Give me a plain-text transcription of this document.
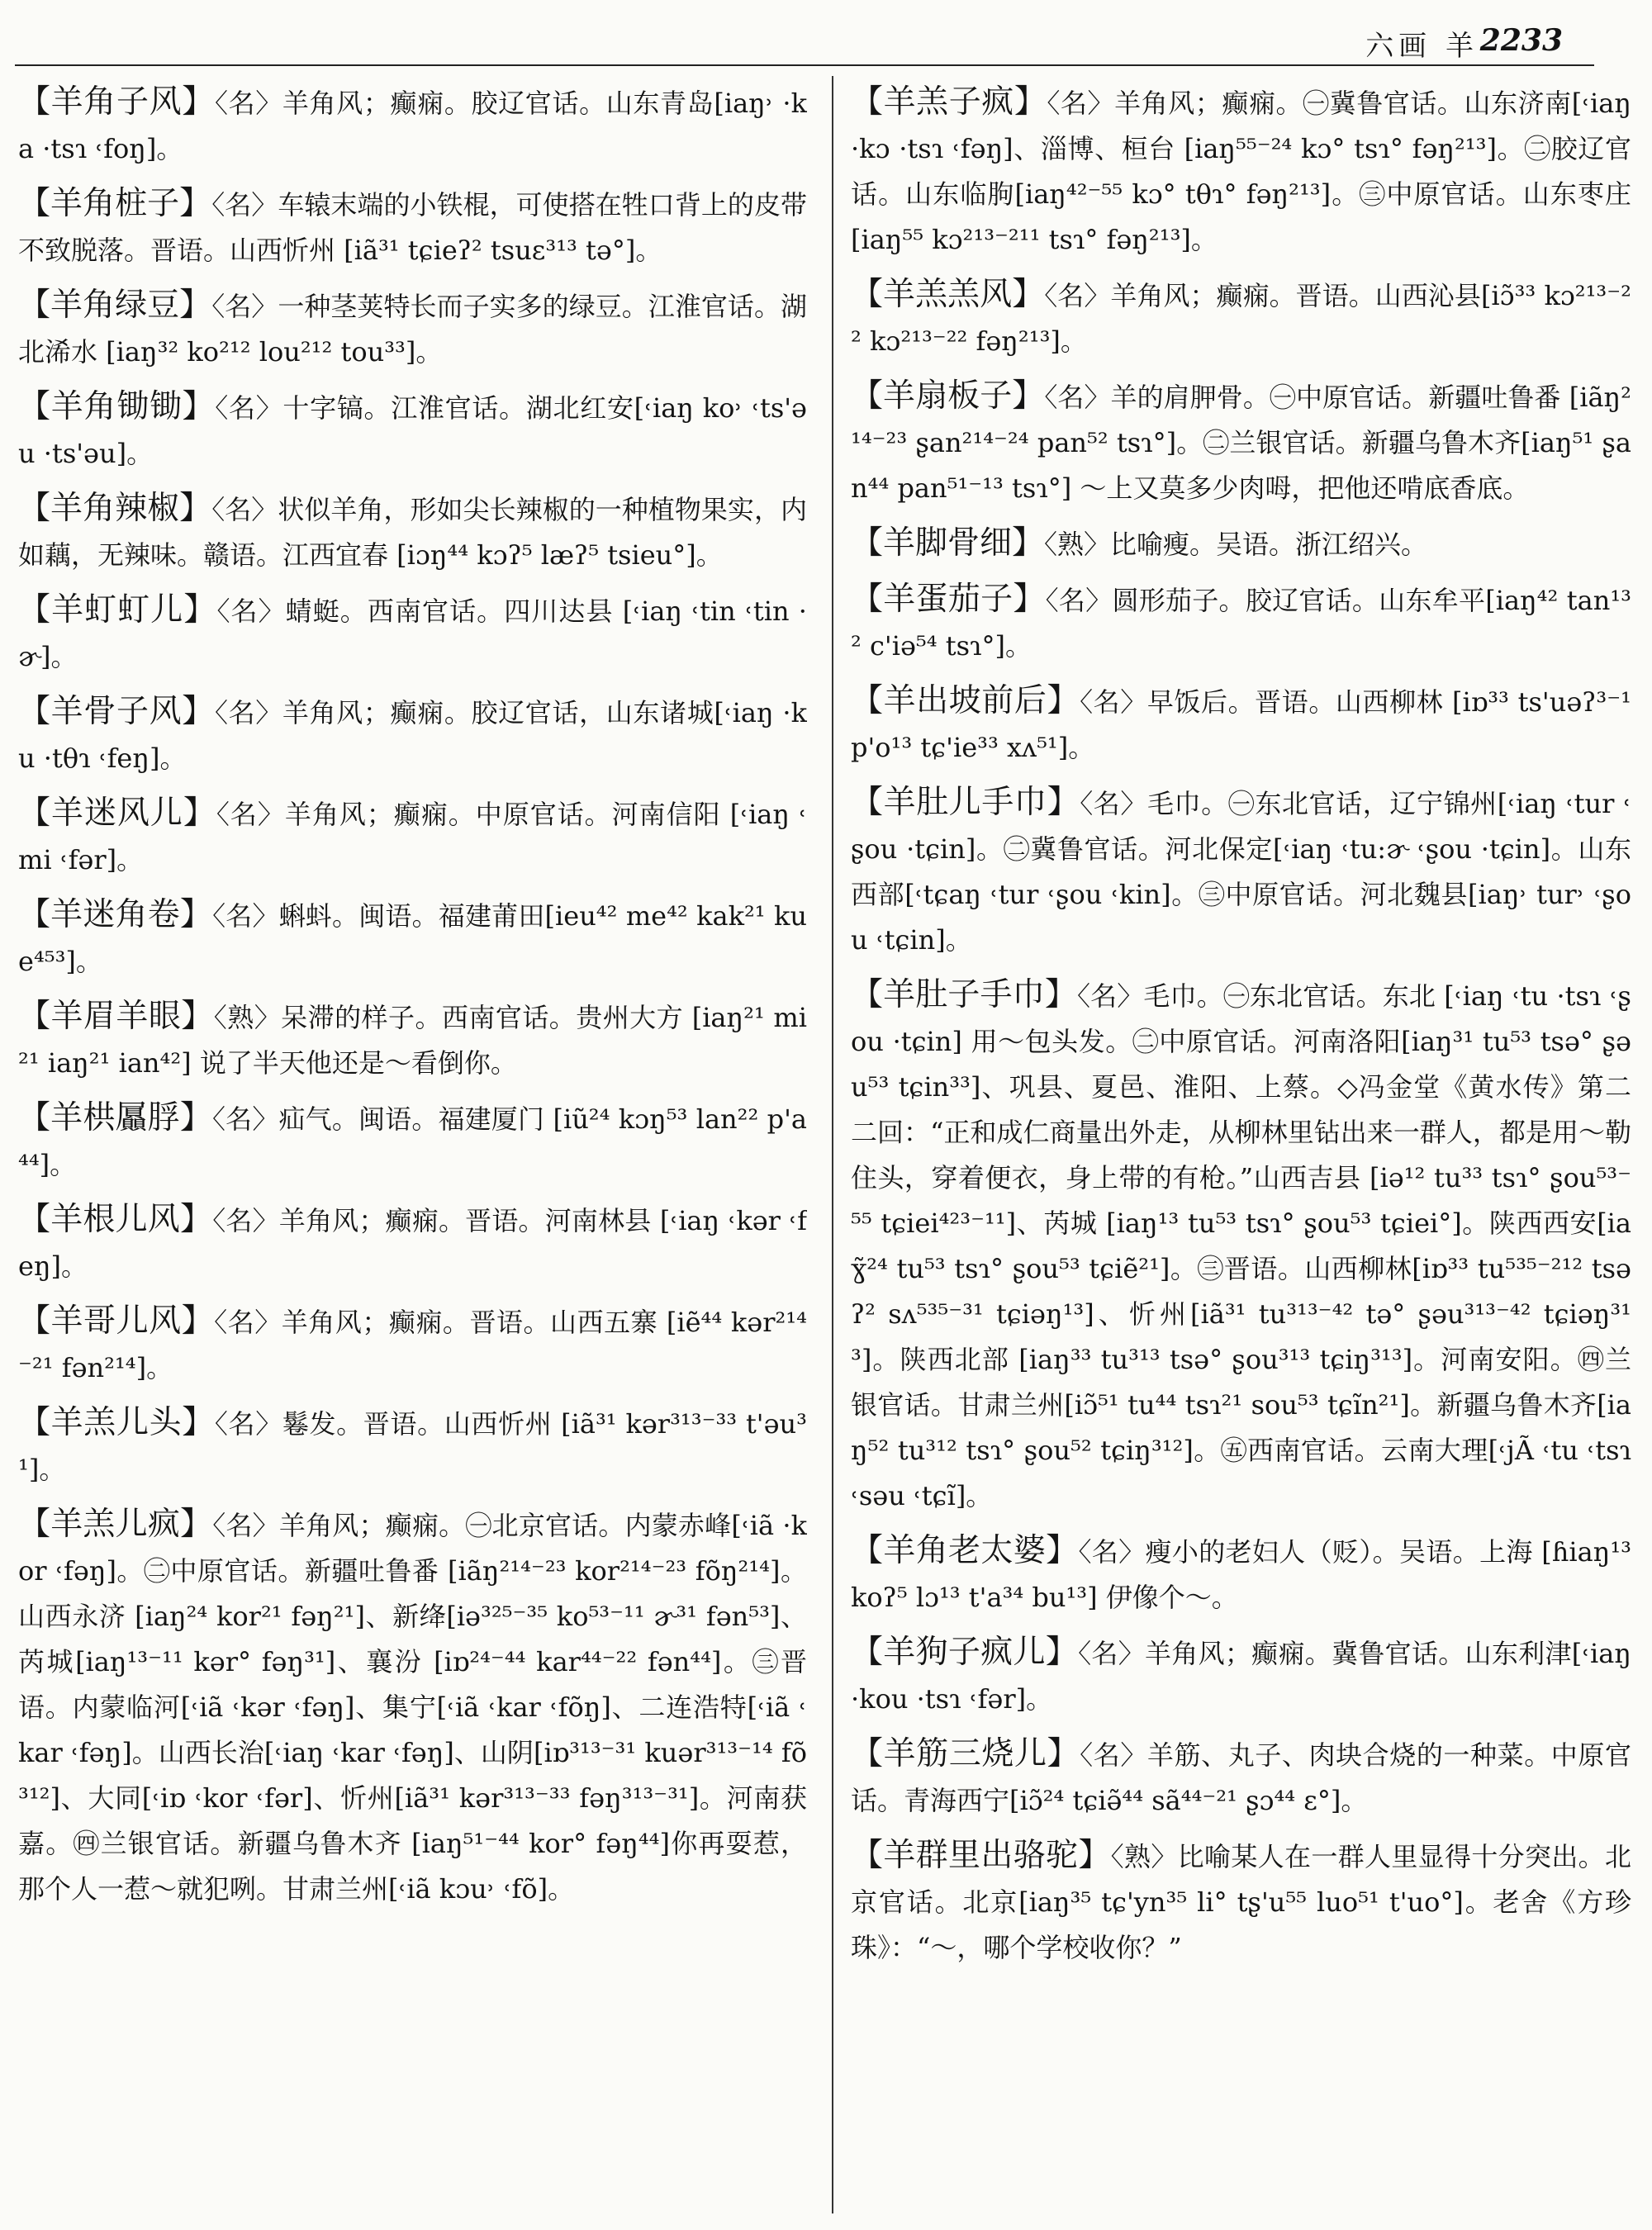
六画 羊 2233
【羊角子风】〈名〉羊角风；癫痫。胶辽官话。山东青岛[iaŋ˒ ·ka ·tsɿ ˓foŋ]。
【羊角桩子】〈名〉车辕末端的小铁棍，可使搭在牲口背上的皮带不致脱落。晋语。山西忻州 [iã³¹ tɕieʔ² tsuɛ³¹³ tə°]。
【羊角绿豆】〈名〉一种茎荚特长而子实多的绿豆。江淮官话。湖北浠水 [iaŋ³² ko²¹² lou²¹² tou³³]。
【羊角锄锄】〈名〉十字镐。江淮官话。湖北红安[˓iaŋ ko˒ ˓ts'əu ·ts'əu]。
【羊角辣椒】〈名〉状似羊角，形如尖长辣椒的一种植物果实，内如藕，无辣味。赣语。江西宜春 [iɔŋ⁴⁴ kɔʔ⁵ læʔ⁵ tsieu°]。
【羊虰虰儿】〈名〉蜻蜓。西南官话。四川达县 [˓iaŋ ˓tin ˓tin ·ɚ]。
【羊骨子风】〈名〉羊角风；癫痫。胶辽官话，山东诸城[˓iaŋ ·ku ·tθɿ ˓feŋ]。
【羊迷风儿】〈名〉羊角风；癫痫。中原官话。河南信阳 [˓iaŋ ˓mi ˓fər]。
【羊迷角卷】〈名〉蝌蚪。闽语。福建莆田[ieu⁴² me⁴² kak²¹ kue⁴⁵³]。
【羊眉羊眼】〈熟〉呆滞的样子。西南官话。贵州大方 [iaŋ²¹ mi²¹ iaŋ²¹ ian⁴²] 说了半天他还是～看倒你。
【羊栱屭脬】〈名〉疝气。闽语。福建厦门 [iũ²⁴ kɔŋ⁵³ lan²² p'a⁴⁴]。
【羊根儿风】〈名〉羊角风；癫痫。晋语。河南林县 [˓iaŋ ˓kər ˓feŋ]。
【羊哥儿风】〈名〉羊角风；癫痫。晋语。山西五寨 [iẽ⁴⁴ kər²¹⁴⁻²¹ fən²¹⁴]。
【羊羔儿头】〈名〉鬈发。晋语。山西忻州 [iã³¹ kər³¹³⁻³³ t'əu³¹]。
【羊羔儿疯】〈名〉羊角风；癫痫。㊀北京官话。内蒙赤峰[˓iã ·kor ˓fəŋ]。㊁中原官话。新疆吐鲁番 [iãŋ²¹⁴⁻²³ kor²¹⁴⁻²³ fõŋ²¹⁴]。山西永济 [iaŋ²⁴ kor²¹ fəŋ²¹]、新绛[iə³²⁵⁻³⁵ ko⁵³⁻¹¹ ɚ³¹ fən⁵³]、芮城[iaŋ¹³⁻¹¹ kər° fəŋ³¹]、襄汾 [iɒ²⁴⁻⁴⁴ kar⁴⁴⁻²² fən⁴⁴]。㊂晋语。内蒙临河[˓iã ˓kər ˓fəŋ]、集宁[˓iã ˓kar ˓fõŋ]、二连浩特[˓iã ˓kar ˓fəŋ]。山西长治[˓iaŋ ˓kar ˓fəŋ]、山阴[iɒ³¹³⁻³¹ kuər³¹³⁻¹⁴ fõ³¹²]、大同[˓iɒ ˓kor ˓fər]、忻州[iã³¹ kər³¹³⁻³³ fəŋ³¹³⁻³¹]。河南获嘉。㊃兰银官话。新疆乌鲁木齐 [iaŋ⁵¹⁻⁴⁴ kor° fəŋ⁴⁴]你再耍惹，那个人一惹～就犯咧。甘肃兰州[˓iã kɔu˒ ˓fõ]。
【羊羔子疯】〈名〉羊角风；癫痫。㊀冀鲁官话。山东济南[˓iaŋ ·kɔ ·tsɿ ˓fəŋ]、淄博、桓台 [iaŋ⁵⁵⁻²⁴ kɔ° tsɿ° fəŋ²¹³]。㊁胶辽官话。山东临朐[iaŋ⁴²⁻⁵⁵ kɔ° tθɿ° fəŋ²¹³]。㊂中原官话。山东枣庄[iaŋ⁵⁵ kɔ²¹³⁻²¹¹ tsɿ° fəŋ²¹³]。
【羊羔羔风】〈名〉羊角风；癫痫。晋语。山西沁县[iɔ̃³³ kɔ²¹³⁻²² kɔ²¹³⁻²² fəŋ²¹³]。
【羊扇板子】〈名〉羊的肩胛骨。㊀中原官话。新疆吐鲁番 [iãŋ²¹⁴⁻²³ ʂan²¹⁴⁻²⁴ pan⁵² tsɿ°]。㊁兰银官话。新疆乌鲁木齐[iaŋ⁵¹ ʂan⁴⁴ pan⁵¹⁻¹³ tsɿ°] ～上又莫多少肉呣，把他还啃底香底。
【羊脚骨细】〈熟〉比喻瘦。吴语。浙江绍兴。
【羊蛋茄子】〈名〉圆形茄子。胶辽官话。山东牟平[iaŋ⁴² tan¹³² c'iə⁵⁴ tsɿ°]。
【羊出坡前后】〈名〉早饭后。晋语。山西柳林 [iɒ³³ ts'uəʔ³⁻¹ p'o¹³ tɕ'ie³³ xʌ⁵¹]。
【羊肚儿手巾】〈名〉毛巾。㊀东北官话，辽宁锦州[˓iaŋ ˓tur ˓ʂou ·tɕin]。㊁冀鲁官话。河北保定[˓iaŋ ˓tu:ɚ ˓ʂou ·tɕin]。山东西部[˓tɕaŋ ˓tur ˓ʂou ˓kin]。㊂中原官话。河北魏县[iaŋ˒ tur˒ ˓ʂou ˓tɕin]。
【羊肚子手巾】〈名〉毛巾。㊀东北官话。东北 [˓iaŋ ˓tu ·tsɿ ˓ʂou ·tɕin] 用～包头发。㊁中原官话。河南洛阳[iaŋ³¹ tu⁵³ tsə° ʂəu⁵³ tɕin³³]、巩县、夏邑、淮阳、上蔡。◇冯金堂《黄水传》第二二回：“正和成仁商量出外走，从柳林里钻出来一群人，都是用～勒住头，穿着便衣，身上带的有枪。”山西吉县 [iə¹² tu³³ tsɿ° ʂou⁵³⁻⁵⁵ tɕiei⁴²³⁻¹¹]、芮城 [iaŋ¹³ tu⁵³ tsɿ° ʂou⁵³ tɕiei°]。陕西西安[iaɣ̃²⁴ tu⁵³ tsɿ° ʂou⁵³ tɕiẽ²¹]。㊂晋语。山西柳林[iɒ³³ tu⁵³⁵⁻²¹² tsəʔ² sʌ⁵³⁵⁻³¹ tɕiəŋ¹³]、忻州[iã³¹ tu³¹³⁻⁴² tə° ʂəu³¹³⁻⁴² tɕiəŋ³¹³]。陕西北部 [iaŋ³³ tu³¹³ tsə° ʂou³¹³ tɕiŋ³¹³]。河南安阳。㊃兰银官话。甘肃兰州[iɔ̃⁵¹ tu⁴⁴ tsɿ²¹ sou⁵³ tɕĩn²¹]。新疆乌鲁木齐[iaŋ⁵² tu³¹² tsɿ° ʂou⁵² tɕiŋ³¹²]。㊄西南官话。云南大理[˓jÃ ˓tu ˓tsɿ ˓səu ˓tɕĩ]。
【羊角老太婆】〈名〉瘦小的老妇人（贬）。吴语。上海 [ɦiaŋ¹³ koʔ⁵ lɔ¹³ t'a³⁴ bu¹³] 伊像个～。
【羊狗子疯儿】〈名〉羊角风；癫痫。冀鲁官话。山东利津[˓iaŋ ·kou ·tsɿ ˓fər]。
【羊筋三烧儿】〈名〉羊筋、丸子、肉块合烧的一种菜。中原官话。青海西宁[iɔ̃²⁴ tɕiə̃⁴⁴ sã⁴⁴⁻²¹ ʂɔ⁴⁴ ɛ°]。
【羊群里出骆驼】〈熟〉比喻某人在一群人里显得十分突出。北京官话。北京[iaŋ³⁵ tɕ'yn³⁵ li° tʂ'u⁵⁵ luo⁵¹ t'uo°]。老舍《方珍珠》：“～，哪个学校收你？”
